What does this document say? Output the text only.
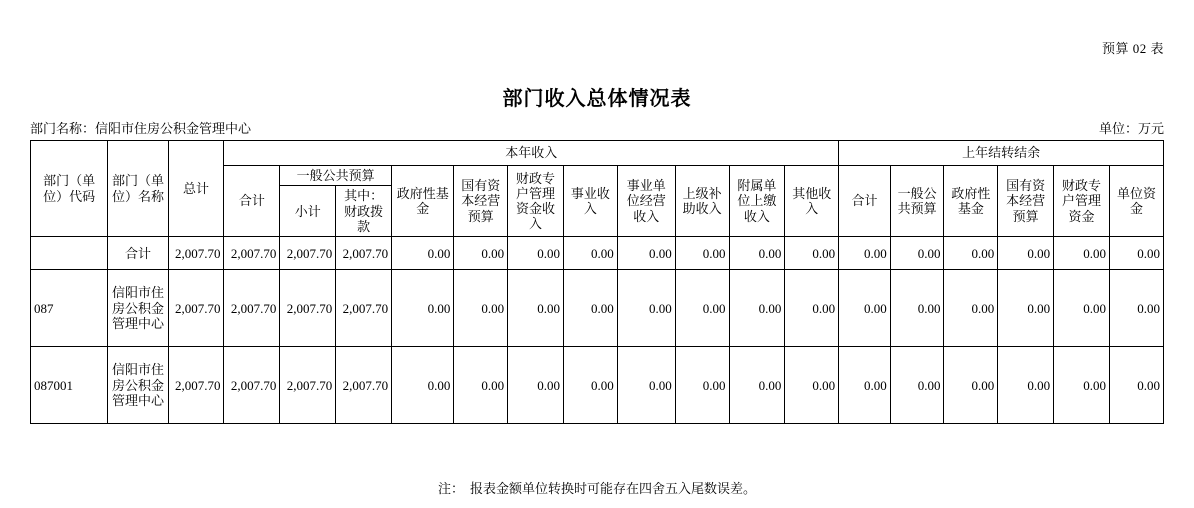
预算 02 表
部门收入总体情况表
部门名称：信阳市住房公积金管理中心	单位：万元
部门（单位）代码	部门（单位）名称	总计	本年收入											上年结转结余					
			合计	一般公共预算		政府性基金	国有资本经营预算	财政专户管理资金收入	事业收入	事业单位经营收入	上级补助收入	附属单位上缴收入	其他收入	合计	一般公共预算	政府性基金	国有资本经营预算	财政专户管理资金	单位资金
				小计	其中：财政拨款														

	合计	2,007.70	2,007.70	2,007.70	2,007.70	0.00	0.00	0.00	0.00	0.00	0.00	0.00	0.00	0.00	0.00	0.00	0.00	0.00	0.00
087	信阳市住房公积金管理中心	2,007.70	2,007.70	2,007.70	2,007.70	0.00	0.00	0.00	0.00	0.00	0.00	0.00	0.00	0.00	0.00	0.00	0.00	0.00	0.00
087001	信阳市住房公积金管理中心	2,007.70	2,007.70	2,007.70	2,007.70	0.00	0.00	0.00	0.00	0.00	0.00	0.00	0.00	0.00	0.00	0.00	0.00	0.00	0.00
注： 报表金额单位转换时可能存在四舍五入尾数误差。
